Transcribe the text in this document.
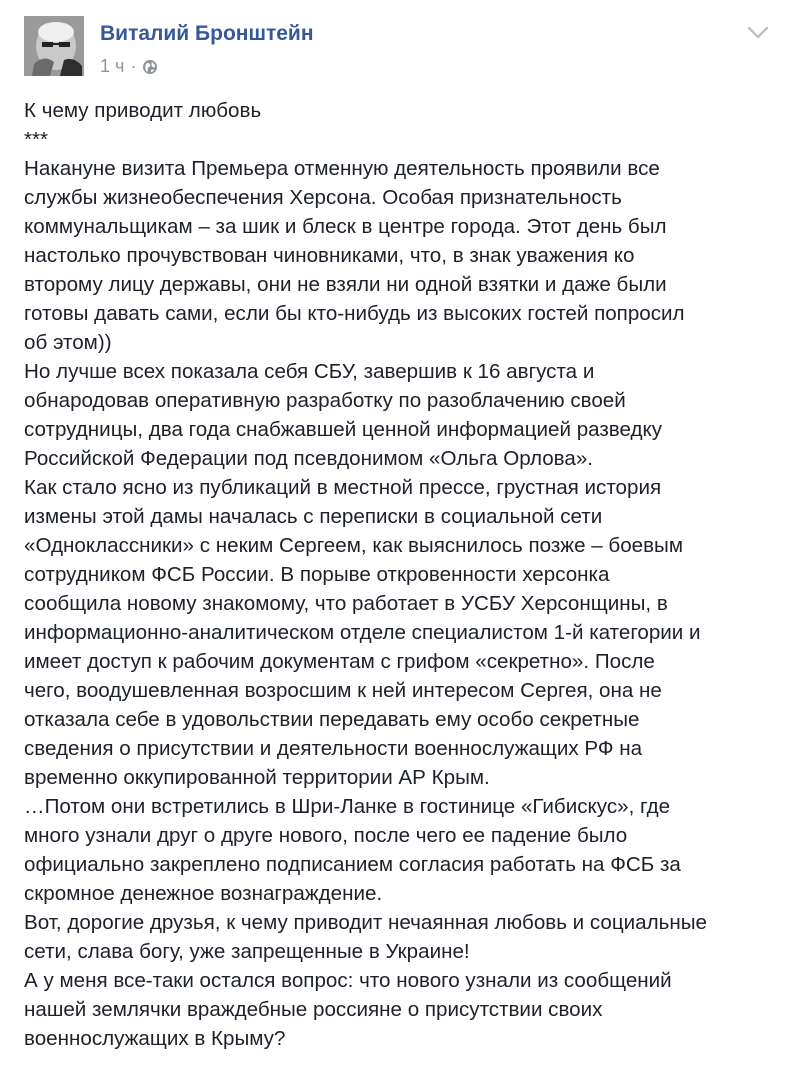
Виталий Бронштейн
1 ч ·

К чему приводит любовь

***

Накануне визита Премьера отменную деятельность проявили все

службы жизнеобеспечения Херсона. Особая признательность

коммунальщикам – за шик и блеск в центре города. Этот день был

настолько прочувствован чиновниками, что, в знак уважения ко

второму лицу державы, они не взяли ни одной взятки и даже были

готовы давать сами, если бы кто-нибудь из высоких гостей попросил

об этом))

Но лучше всех показала себя СБУ, завершив к 16 августа и

обнародовав оперативную разработку по разоблачению своей

сотрудницы, два года снабжавшей ценной информацией разведку

Российской Федерации под псевдонимом «Ольга Орлова».

Как стало ясно из публикаций в местной прессе, грустная история

измены этой дамы началась с переписки в социальной сети

«Одноклассники» с неким Сергеем, как выяснилось позже – боевым

сотрудником ФСБ России. В порыве откровенности херсонка

сообщила новому знакомому, что работает в УСБУ Херсонщины, в

информационно-аналитическом отделе специалистом 1-й категории и

имеет доступ к рабочим документам с грифом «секретно». После

чего, воодушевленная возросшим к ней интересом Сергея, она не

отказала себе в удовольствии передавать ему особо секретные

сведения о присутствии и деятельности военнослужащих РФ на

временно оккупированной территории АР Крым.

…Потом они встретились в Шри-Ланке в гостинице «Гибискус», где

много узнали друг о друге нового, после чего ее падение было

официально закреплено подписанием согласия работать на ФСБ за

скромное денежное вознаграждение.

Вот, дорогие друзья, к чему приводит нечаянная любовь и социальные

сети, слава богу, уже запрещенные в Украине!

А у меня все-таки остался вопрос: что нового узнали из сообщений

нашей землячки враждебные россияне о присутствии своих

военнослужащих в Крыму?
